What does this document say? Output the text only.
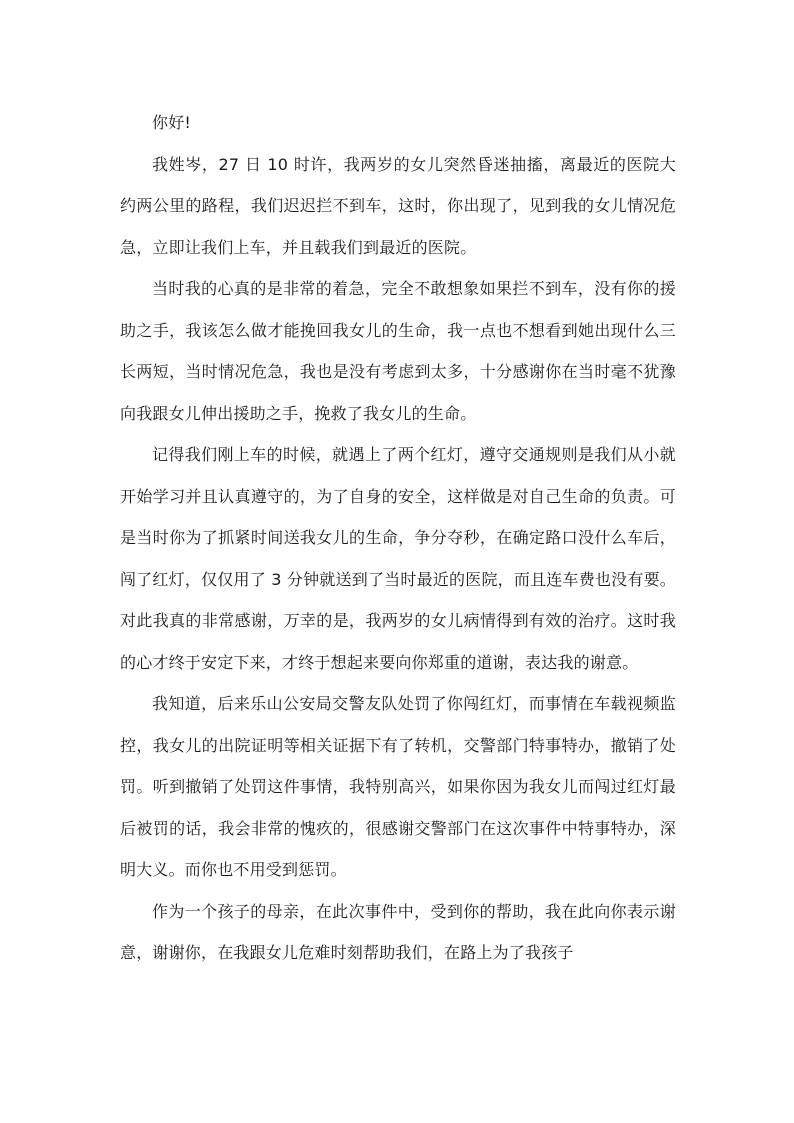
你好!

我姓岑，27 日 10 时许，我两岁的女儿突然昏迷抽搐，离最近的医院大约两公里的路程，我们迟迟拦不到车，这时，你出现了，见到我的女儿情况危急，立即让我们上车，并且载我们到最近的医院。

当时我的心真的是非常的着急，完全不敢想象如果拦不到车，没有你的援助之手，我该怎么做才能挽回我女儿的生命，我一点也不想看到她出现什么三长两短，当时情况危急，我也是没有考虑到太多，十分感谢你在当时毫不犹豫向我跟女儿伸出援助之手，挽救了我女儿的生命。

记得我们刚上车的时候，就遇上了两个红灯，遵守交通规则是我们从小就开始学习并且认真遵守的，为了自身的安全，这样做是对自己生命的负责。可是当时你为了抓紧时间送我女儿的生命，争分夺秒，在确定路口没什么车后，闯了红灯，仅仅用了 3 分钟就送到了当时最近的医院，而且连车费也没有要。对此我真的非常感谢，万幸的是，我两岁的女儿病情得到有效的治疗。这时我的心才终于安定下来，才终于想起来要向你郑重的道谢，表达我的谢意。

我知道，后来乐山公安局交警友队处罚了你闯红灯，而事情在车载视频监控，我女儿的出院证明等相关证据下有了转机，交警部门特事特办，撤销了处罚。听到撤销了处罚这件事情，我特别高兴，如果你因为我女儿而闯过红灯最后被罚的话，我会非常的愧疚的，很感谢交警部门在这次事件中特事特办，深明大义。而你也不用受到惩罚。

作为一个孩子的母亲，在此次事件中，受到你的帮助，我在此向你表示谢意，谢谢你，在我跟女儿危难时刻帮助我们，在路上为了我孩子
